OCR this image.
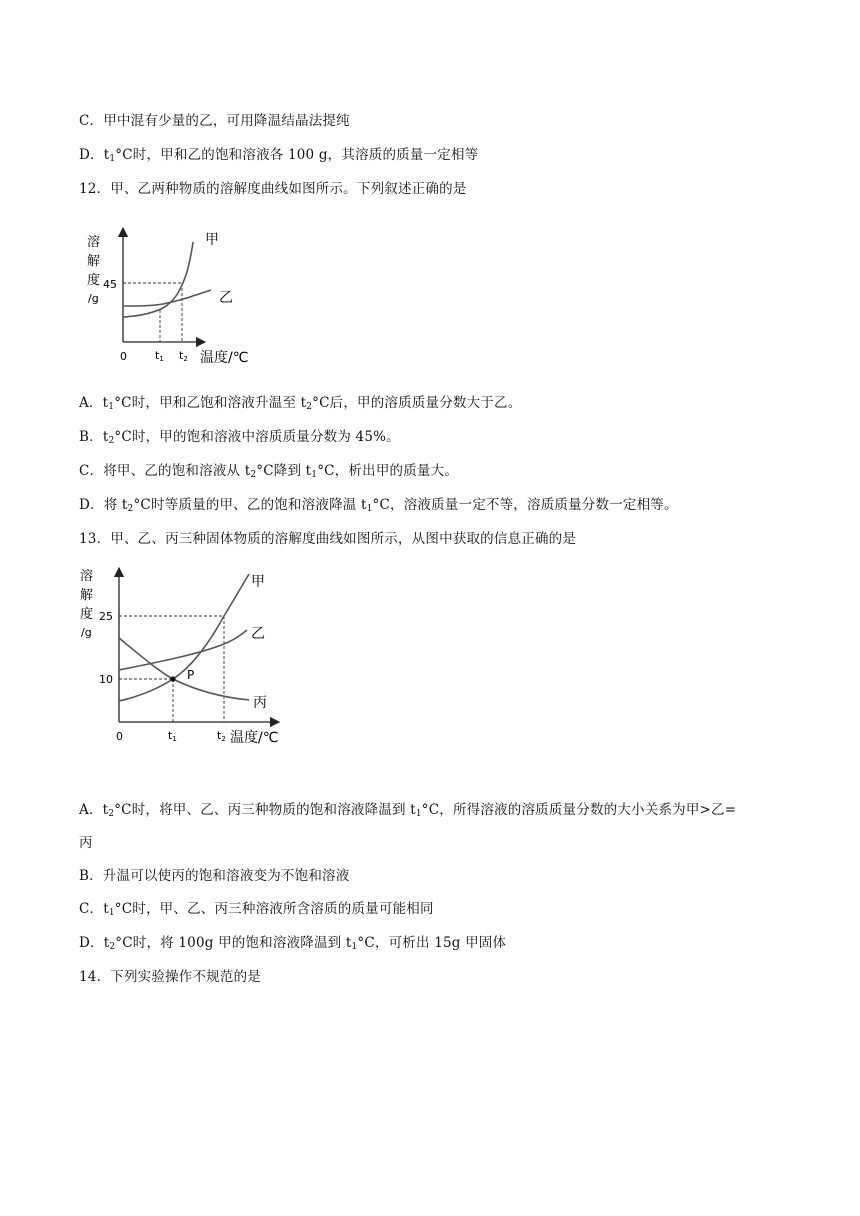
C．甲中混有少量的乙，可用降温结晶法提纯
D．$t_1^\circ C$时，甲和乙的饱和溶液各 100 g，其溶质的质量一定相等
12．甲、乙两种物质的溶解度曲线如图所示。下列叙述正确的是
溶
解
度
/g
45
甲
乙
0	t1 t2 温度/℃
A．$t_1^\circ C$时，甲和乙饱和溶液升温至 $t_2^\circ C$后，甲的溶质质量分数大于乙。
B．$t_2^\circ C$时，甲的饱和溶液中溶质质量分数为 45%。
C．将甲、乙的饱和溶液从 $t_2^\circ C$降到 $t_1^\circ C$，析出甲的质量大。
D．将 $t_2^\circ C$时等质量的甲、乙的饱和溶液降温 $t_1^\circ C$，溶液质量一定不等，溶质质量分数一定相等。
13．甲、乙、丙三种固体物质的溶解度曲线如图所示，从图中获取的信息正确的是
溶
解
度
/g
25
10	P
甲
乙
丙
0	t1	t2 温度/℃
A．$t_2^\circ C$时，将甲、乙、丙三种物质的饱和溶液降温到 $t_1^\circ C$，所得溶液的溶质质量分数的大小关系为甲>乙=
丙
B．升温可以使丙的饱和溶液变为不饱和溶液
C．$t_1^\circ C$时，甲、乙、丙三种溶液所含溶质的质量可能相同
D．$t_2^\circ C$时，将 100g 甲的饱和溶液降温到 $t_1^\circ C$，可析出 15g 甲固体
14．下列实验操作不规范的是
